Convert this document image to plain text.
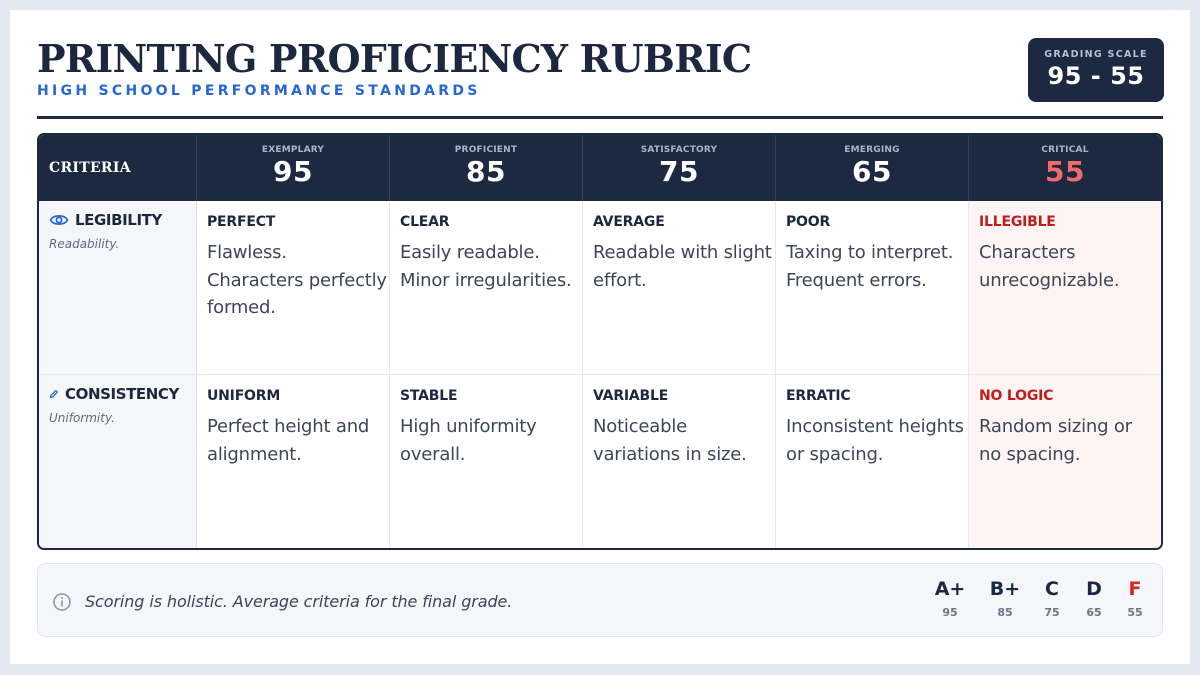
PRINTING PROFICIENCY RUBRIC
HIGH SCHOOL PERFORMANCE STANDARDS
GRADING SCALE
95 - 55
CRITERIA
EXEMPLARY
95
PROFICIENT
85
SATISFACTORY
75
EMERGING
65
CRITICAL
55
LEGIBILITY
Readability.
PERFECT
Flawless. Characters perfectly formed.
CLEAR
Easily readable. Minor irregularities.
AVERAGE
Readable with slight effort.
POOR
Taxing to interpret. Frequent errors.
ILLEGIBLE
Characters unrecognizable.
CONSISTENCY
Uniformity.
UNIFORM
Perfect height and alignment.
STABLE
High uniformity overall.
VARIABLE
Noticeable variations in size.
ERRATIC
Inconsistent heights or spacing.
NO LOGIC
Random sizing or no spacing.
Scoring is holistic. Average criteria for the final grade.
A+
95
B+
85
C
75
D
65
F
55
